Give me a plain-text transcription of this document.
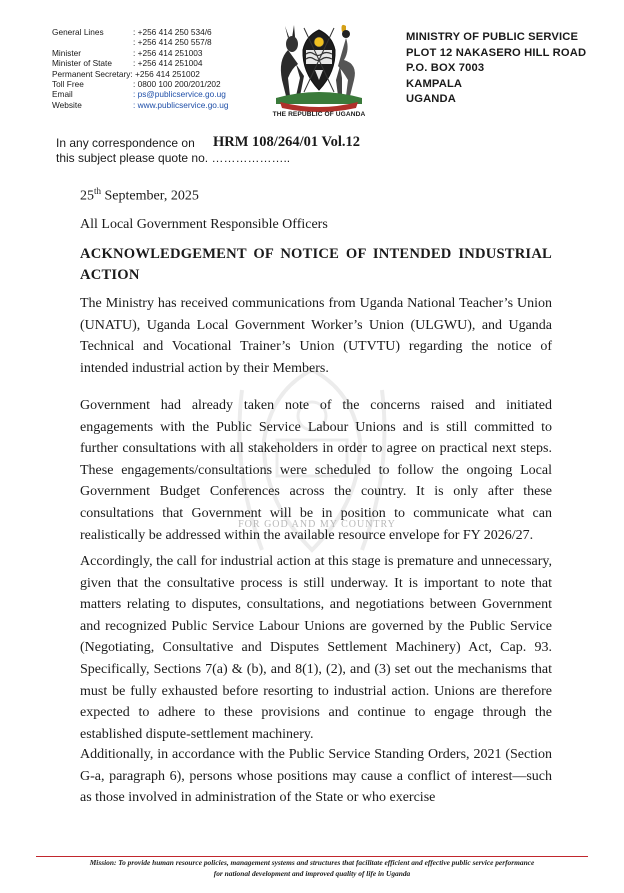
General Lines	: +256 414 250 534/6
: +256 414 250 557/8
Minister	: +256 414 251003
Minister of State	: +256 414 251004
Permanent Secretary: +256 414 251002
Toll Free	: 0800 100 200/201/202
Email	: ps@publicservice.go.ug
Website	: www.publicservice.go.ug
THE REPUBLIC OF UGANDA
MINISTRY OF PUBLIC SERVICE
PLOT 12 NAKASERO HILL ROAD
P.O. BOX 7003
KAMPALA
UGANDA
In any correspondence on
this subject please quote no. ………………..
HRM 108/264/01 Vol.12
FOR GOD AND MY COUNTRY
25th September, 2025
All Local Government Responsible Officers
ACKNOWLEDGEMENT OF NOTICE OF INTENDED INDUSTRIAL ACTION
The Ministry has received communications from Uganda National Teacher’s Union (UNATU), Uganda Local Government Worker’s Union (ULGWU), and Uganda Technical and Vocational Trainer’s Union (UTVTU) regarding the notice of intended industrial action by their Members.
Government had already taken note of the concerns raised and initiated engagements with the Public Service Labour Unions and is still committed to further consultations with all stakeholders in order to agree on practical next steps. These engagements/consultations were scheduled to follow the ongoing Local Government Budget Conferences across the country. It is only after these consultations that Government will be in position to communicate what can realistically be addressed within the available resource envelope for FY 2026/27.
Accordingly, the call for industrial action at this stage is premature and unnecessary, given that the consultative process is still underway. It is important to note that matters relating to disputes, consultations, and negotiations between Government and recognized Public Service Labour Unions are governed by the Public Service (Negotiating, Consultative and Disputes Settlement Machinery) Act, Cap. 93. Specifically, Sections 7(a) & (b), and 8(1), (2), and (3) set out the mechanisms that must be fully exhausted before resorting to industrial action. Unions are therefore expected to adhere to these provisions and continue to engage through the established dispute-settlement machinery.
Additionally, in accordance with the Public Service Standing Orders, 2021 (Section G-a, paragraph 6), persons whose positions may cause a conflict of interest—such as those involved in administration of the State or who exercise
Mission: To provide human resource policies, management systems and structures that facilitate efficient and effective public service performance
for national development and improved quality of life in Uganda
